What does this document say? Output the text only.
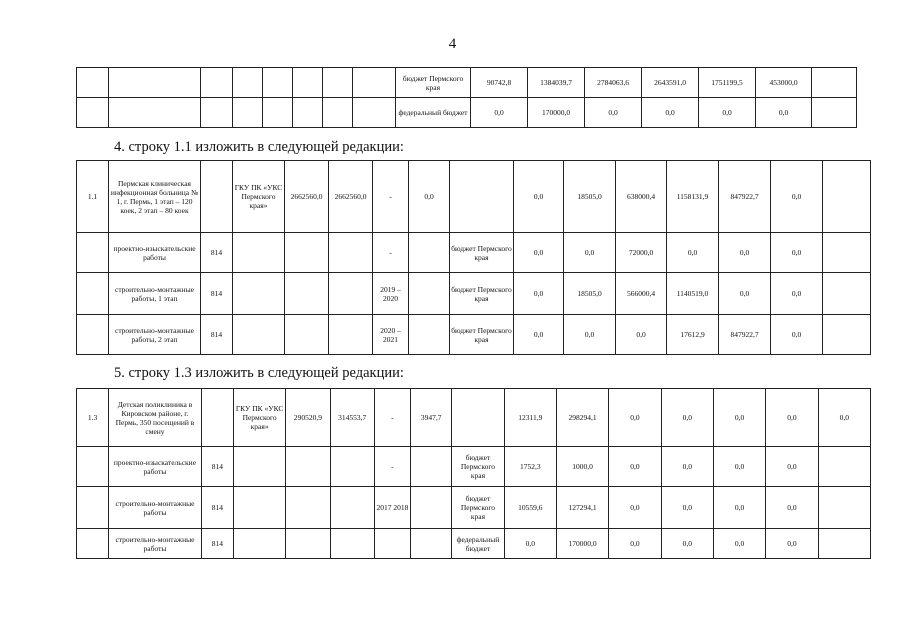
4
								бюджет Пермского края	90742,8	1384039,7	2784063,6	2643591,0	1751199,5	453000,0	
								федеральный бюджет	0,0	170000,0	0,0	0,0	0,0	0,0	
4. строку 1.1 изложить в следующей редакции:
1.1	Пермская клиническая инфекционная больница № 1, г. Пермь, 1 этап – 120 коек, 2 этап – 80 коек		ГКУ ПК «УКС Пермского края»	2662560,0	2662560,0	-	0,0		0,0	18505,0	638000,4	1158131,9	847922,7	0,0	
	проектно-изыскательские работы	814				-		бюджет Пермского края	0,0	0,0	72000,0	0,0	0,0	0,0	
	строительно-монтажные работы, 1 этап	814				2019 – 2020		бюджет Пермского края	0,0	18505,0	566000,4	1140519,0	0,0	0,0	
	строительно-монтажные работы, 2 этап	814				2020 – 2021		бюджет Пермского края	0,0	0,0	0,0	17612,9	847922,7	0,0	
5. строку 1.3 изложить в следующей редакции:
1.3	Детская поликлиника в Кировском районе, г. Пермь, 350 посещений в смену		ГКУ ПК «УКС Пермского края»	290520,9	314553,7	-	3947,7		12311,9	298294,1	0,0	0,0	0,0	0,0	0,0
	проектно-изыскательские работы	814				-		бюджет Пермского края	1752,3	1000,0	0,0	0,0	0,0	0,0	
	строительно-монтажные работы	814				2017 2018		бюджет Пермского края	10559,6	127294,1	0,0	0,0	0,0	0,0	
	строительно-монтажные работы	814						федеральный бюджет	0,0	170000,0	0,0	0,0	0,0	0,0	
